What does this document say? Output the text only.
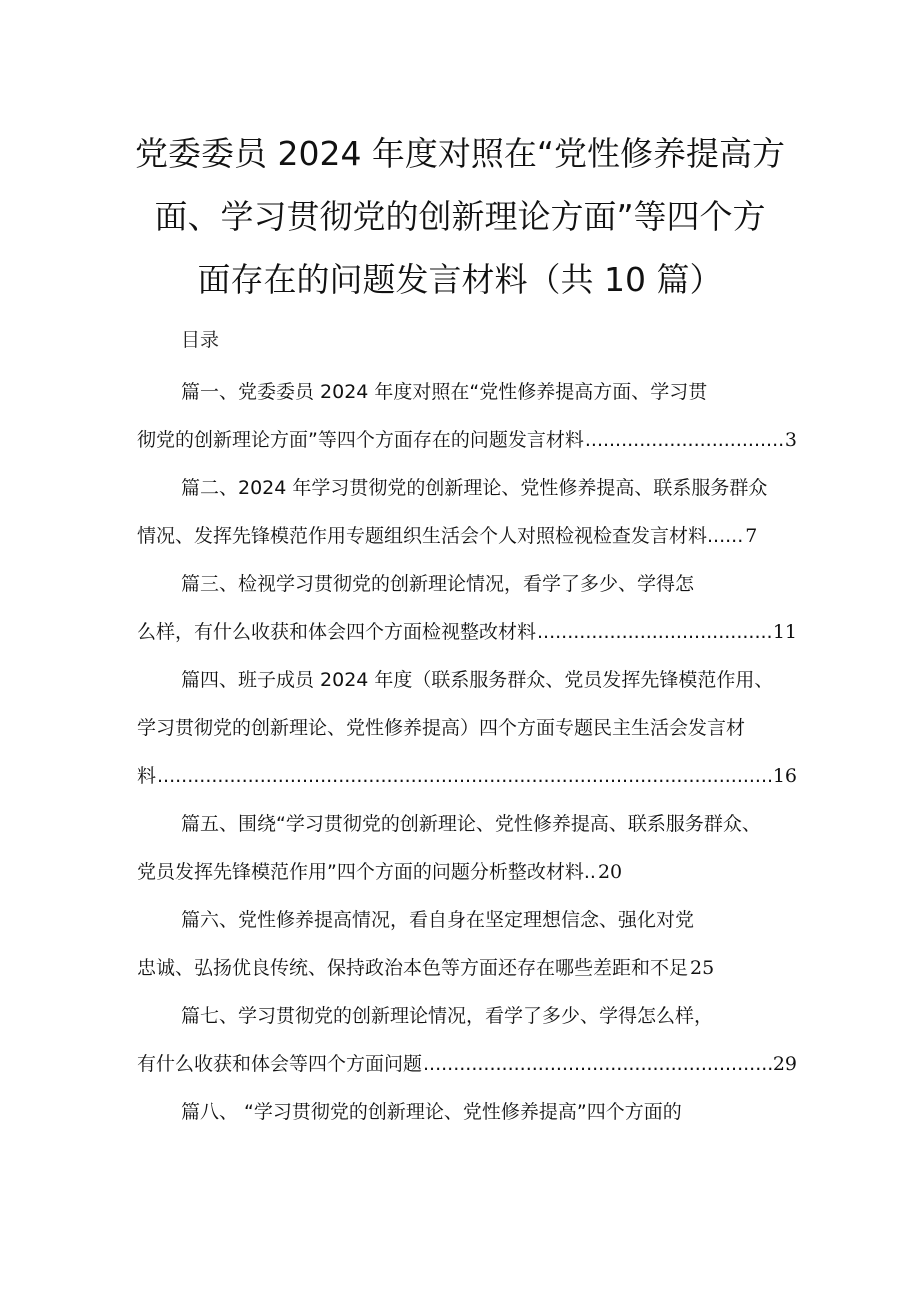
党委委员 2024 年度对照在“党性修养提高方
面、学习贯彻党的创新理论方面”等四个方
面存在的问题发言材料（共 10 篇）
目录
篇一、党委委员 2024 年度对照在“党性修养提高方面、学习贯
彻党的创新理论方面”等四个方面存在的问题发言材料 .....	3
篇二、2024 年学习贯彻党的创新理论、党性修养提高、联系服务群众
情况、发挥先锋模范作用专题组织生活会个人对照检视检查发言材料...... 7
篇三、检视学习贯彻党的创新理论情况，看学了多少、学得怎
么样，有什么收获和体会四个方面检视整改材料 .....	11
篇四、班子成员 2024 年度（联系服务群众、党员发挥先锋模范作用、
学习贯彻党的创新理论、党性修养提高）四个方面专题民主生活会发言材
料 .....	16
篇五、围绕“学习贯彻党的创新理论、党性修养提高、联系服务群众、
党员发挥先锋模范作用”四个方面的问题分析整改材料.. 20
篇六、党性修养提高情况，看自身在坚定理想信念、强化对党
忠诚、弘扬优良传统、保持政治本色等方面还存在哪些差距和不足 25
篇七、学习贯彻党的创新理论情况，看学了多少、学得怎么样，
有什么收获和体会等四个方面问题 .....	29
篇八、 “学习贯彻党的创新理论、党性修养提高”四个方面的
